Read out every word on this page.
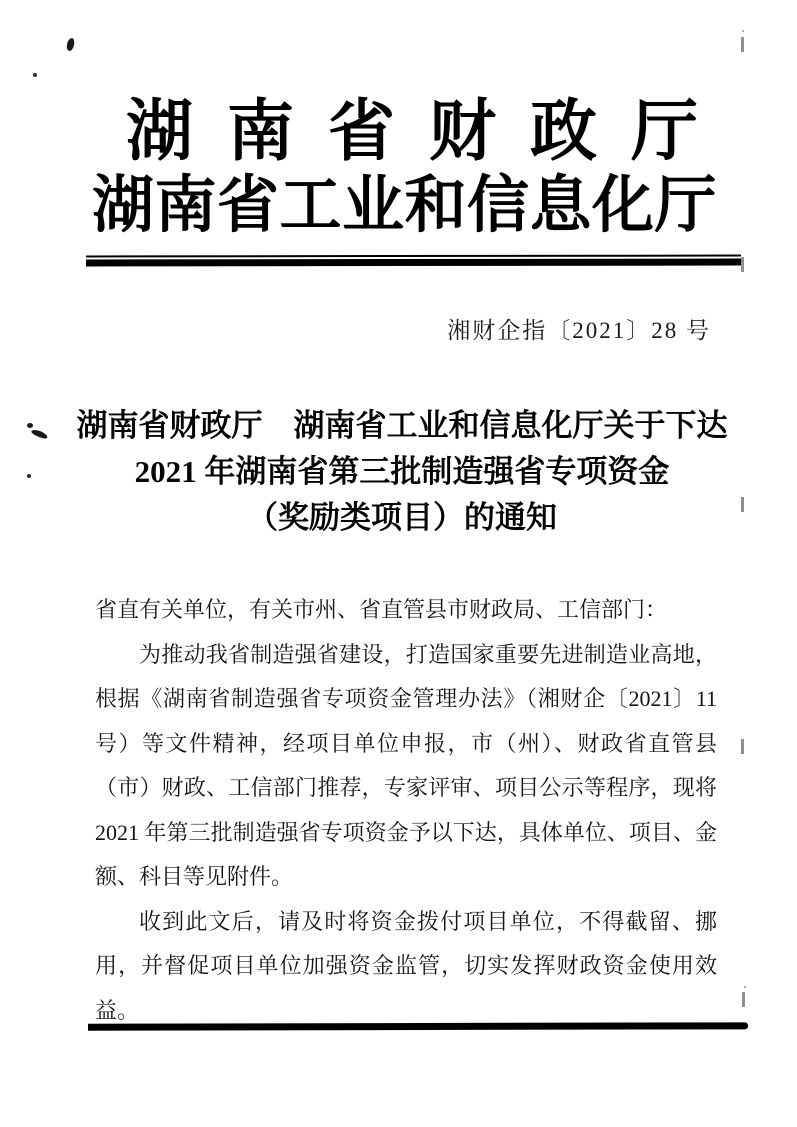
湖南省财政厅
湖南省工业和信息化厅
湘财企指〔2021〕28 号
湖南省财政厅　湖南省工业和信息化厅关于下达
2021 年湖南省第三批制造强省专项资金
（奖励类项目）的通知

省直有关单位，有关市州、省直管县市财政局、工信部门：

为推动我省制造强省建设，打造国家重要先进制造业高地，根据《湖南省制造强省专项资金管理办法》（湘财企〔2021〕11 号）等文件精神，经项目单位申报，市（州）、财政省直管县（市）财政、工信部门推荐，专家评审、项目公示等程序，现将 2021 年第三批制造强省专项资金予以下达，具体单位、项目、金额、科目等见附件。

收到此文后，请及时将资金拨付项目单位，不得截留、挪用，并督促项目单位加强资金监管，切实发挥财政资金使用效益。
